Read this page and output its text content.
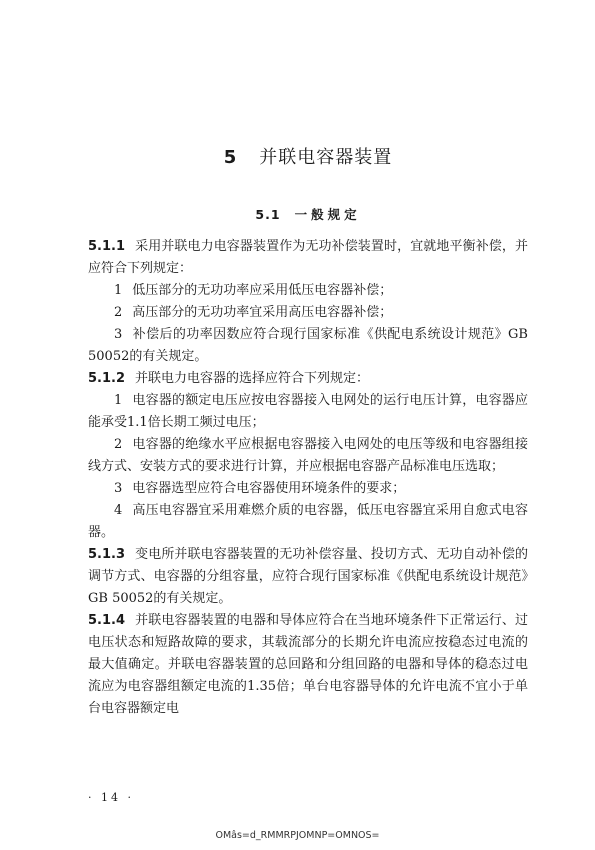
5 并联电容器装置
5.1 一般规定

5.1.1 采用并联电力电容器装置作为无功补偿装置时，宜就地平衡补偿，并应符合下列规定：

1 低压部分的无功功率应采用低压电容器补偿；

2 高压部分的无功功率宜采用高压电容器补偿；

3 补偿后的功率因数应符合现行国家标准《供配电系统设计规范》GB 50052的有关规定。

5.1.2 并联电力电容器的选择应符合下列规定：

1 电容器的额定电压应按电容器接入电网处的运行电压计算，电容器应能承受1.1倍长期工频过电压；

2 电容器的绝缘水平应根据电容器接入电网处的电压等级和电容器组接线方式、安装方式的要求进行计算，并应根据电容器产品标准电压选取；

3 电容器选型应符合电容器使用环境条件的要求；

4 高压电容器宜采用难燃介质的电容器，低压电容器宜采用自愈式电容器。

5.1.3 变电所并联电容器装置的无功补偿容量、投切方式、无功自动补偿的调节方式、电容器的分组容量，应符合现行国家标准《供配电系统设计规范》GB 50052的有关规定。

5.1.4 并联电容器装置的电器和导体应符合在当地环境条件下正常运行、过电压状态和短路故障的要求，其载流部分的长期允许电流应按稳态过电流的最大值确定。并联电容器装置的总回路和分组回路的电器和导体的稳态过电流应为电容器组额定电流的1.35倍；单台电容器导体的允许电流不宜小于单台电容器额定电

· 14 ·
OMâs=d_RMMRPJOMNP=OMNOS=
